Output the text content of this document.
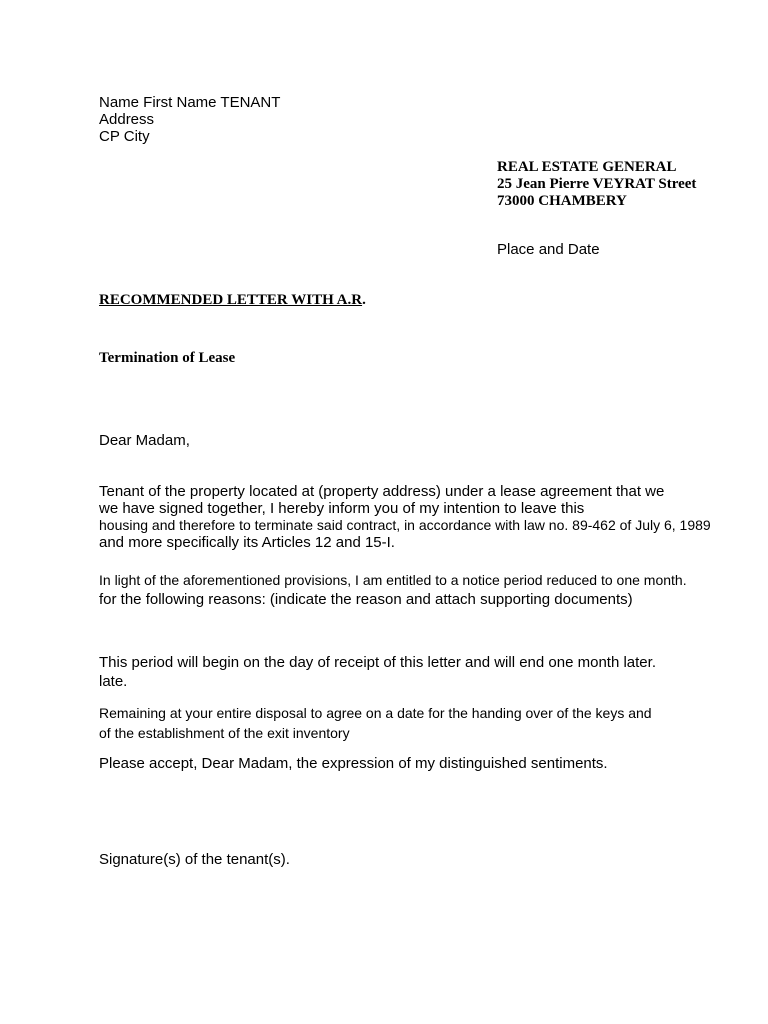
Name First Name TENANT
Address
CP City
REAL ESTATE GENERAL
25 Jean Pierre VEYRAT Street
73000 CHAMBERY
Place and Date
RECOMMENDED LETTER WITH A.R.
Termination of Lease
Dear Madam,
Tenant of the property located at (property address) under a lease agreement that we
we have signed together, I hereby inform you of my intention to leave this
housing and therefore to terminate said contract, in accordance with law no. 89-462 of July 6, 1989
and more specifically its Articles 12 and 15-I.
In light of the aforementioned provisions, I am entitled to a notice period reduced to one month.
for the following reasons: (indicate the reason and attach supporting documents)
This period will begin on the day of receipt of this letter and will end one month later.
late.
Remaining at your entire disposal to agree on a date for the handing over of the keys and
of the establishment of the exit inventory
Please accept, Dear Madam, the expression of my distinguished sentiments.
Signature(s) of the tenant(s).
